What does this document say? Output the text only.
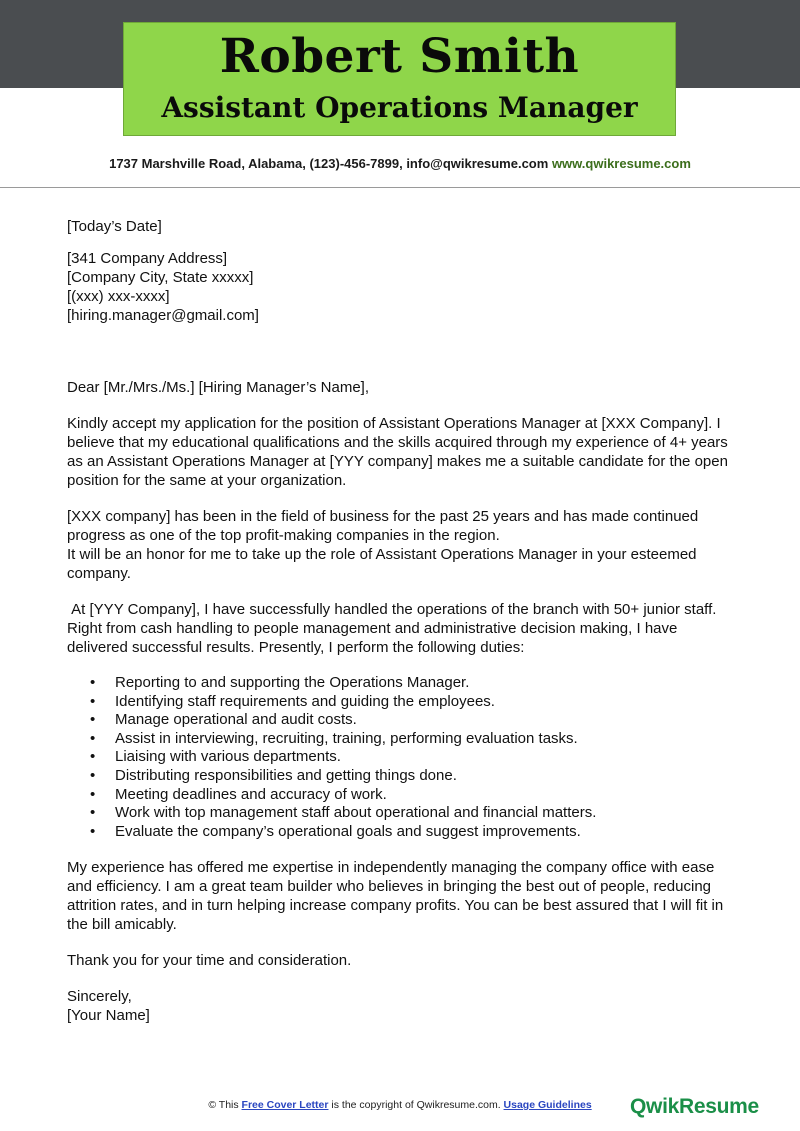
Robert Smith
Assistant Operations Manager
1737 Marshville Road, Alabama, (123)-456-7899, info@qwikresume.com www.qwikresume.com

[Today’s Date]

[341 Company Address]

[Company City, State xxxxx]

[(xxx) xxx-xxxx]

[hiring.manager@gmail.com]

Dear [Mr./Mrs./Ms.] [Hiring Manager’s Name],

Kindly accept my application for the position of Assistant Operations Manager at [XXX Company]. I believe that my educational qualifications and the skills acquired through my experience of 4+ years as an Assistant Operations Manager at [YYY company] makes me a suitable candidate for the open position for the same at your organization.

[XXX company] has been in the field of business for the past 25 years and has made continued progress as one of the top profit-making companies in the region.

It will be an honor for me to take up the role of Assistant Operations Manager in your esteemed company.

At [YYY Company], I have successfully handled the operations of the branch with 50+ junior staff. Right from cash handling to people management and administrative decision making, I have delivered successful results. Presently, I perform the following duties:

• Reporting to and supporting the Operations Manager.
• Identifying staff requirements and guiding the employees.
• Manage operational and audit costs.
• Assist in interviewing, recruiting, training, performing evaluation tasks.
• Liaising with various departments.
• Distributing responsibilities and getting things done.
• Meeting deadlines and accuracy of work.
• Work with top management staff about operational and financial matters.
• Evaluate the company’s operational goals and suggest improvements.

My experience has offered me expertise in independently managing the company office with ease and efficiency. I am a great team builder who believes in bringing the best out of people, reducing attrition rates, and in turn helping increase company profits. You can be best assured that I will fit in the bill amicably.

Thank you for your time and consideration.

Sincerely,

[Your Name]

© This Free Cover Letter is the copyright of Qwikresume.com. Usage Guidelines	QwikResume
